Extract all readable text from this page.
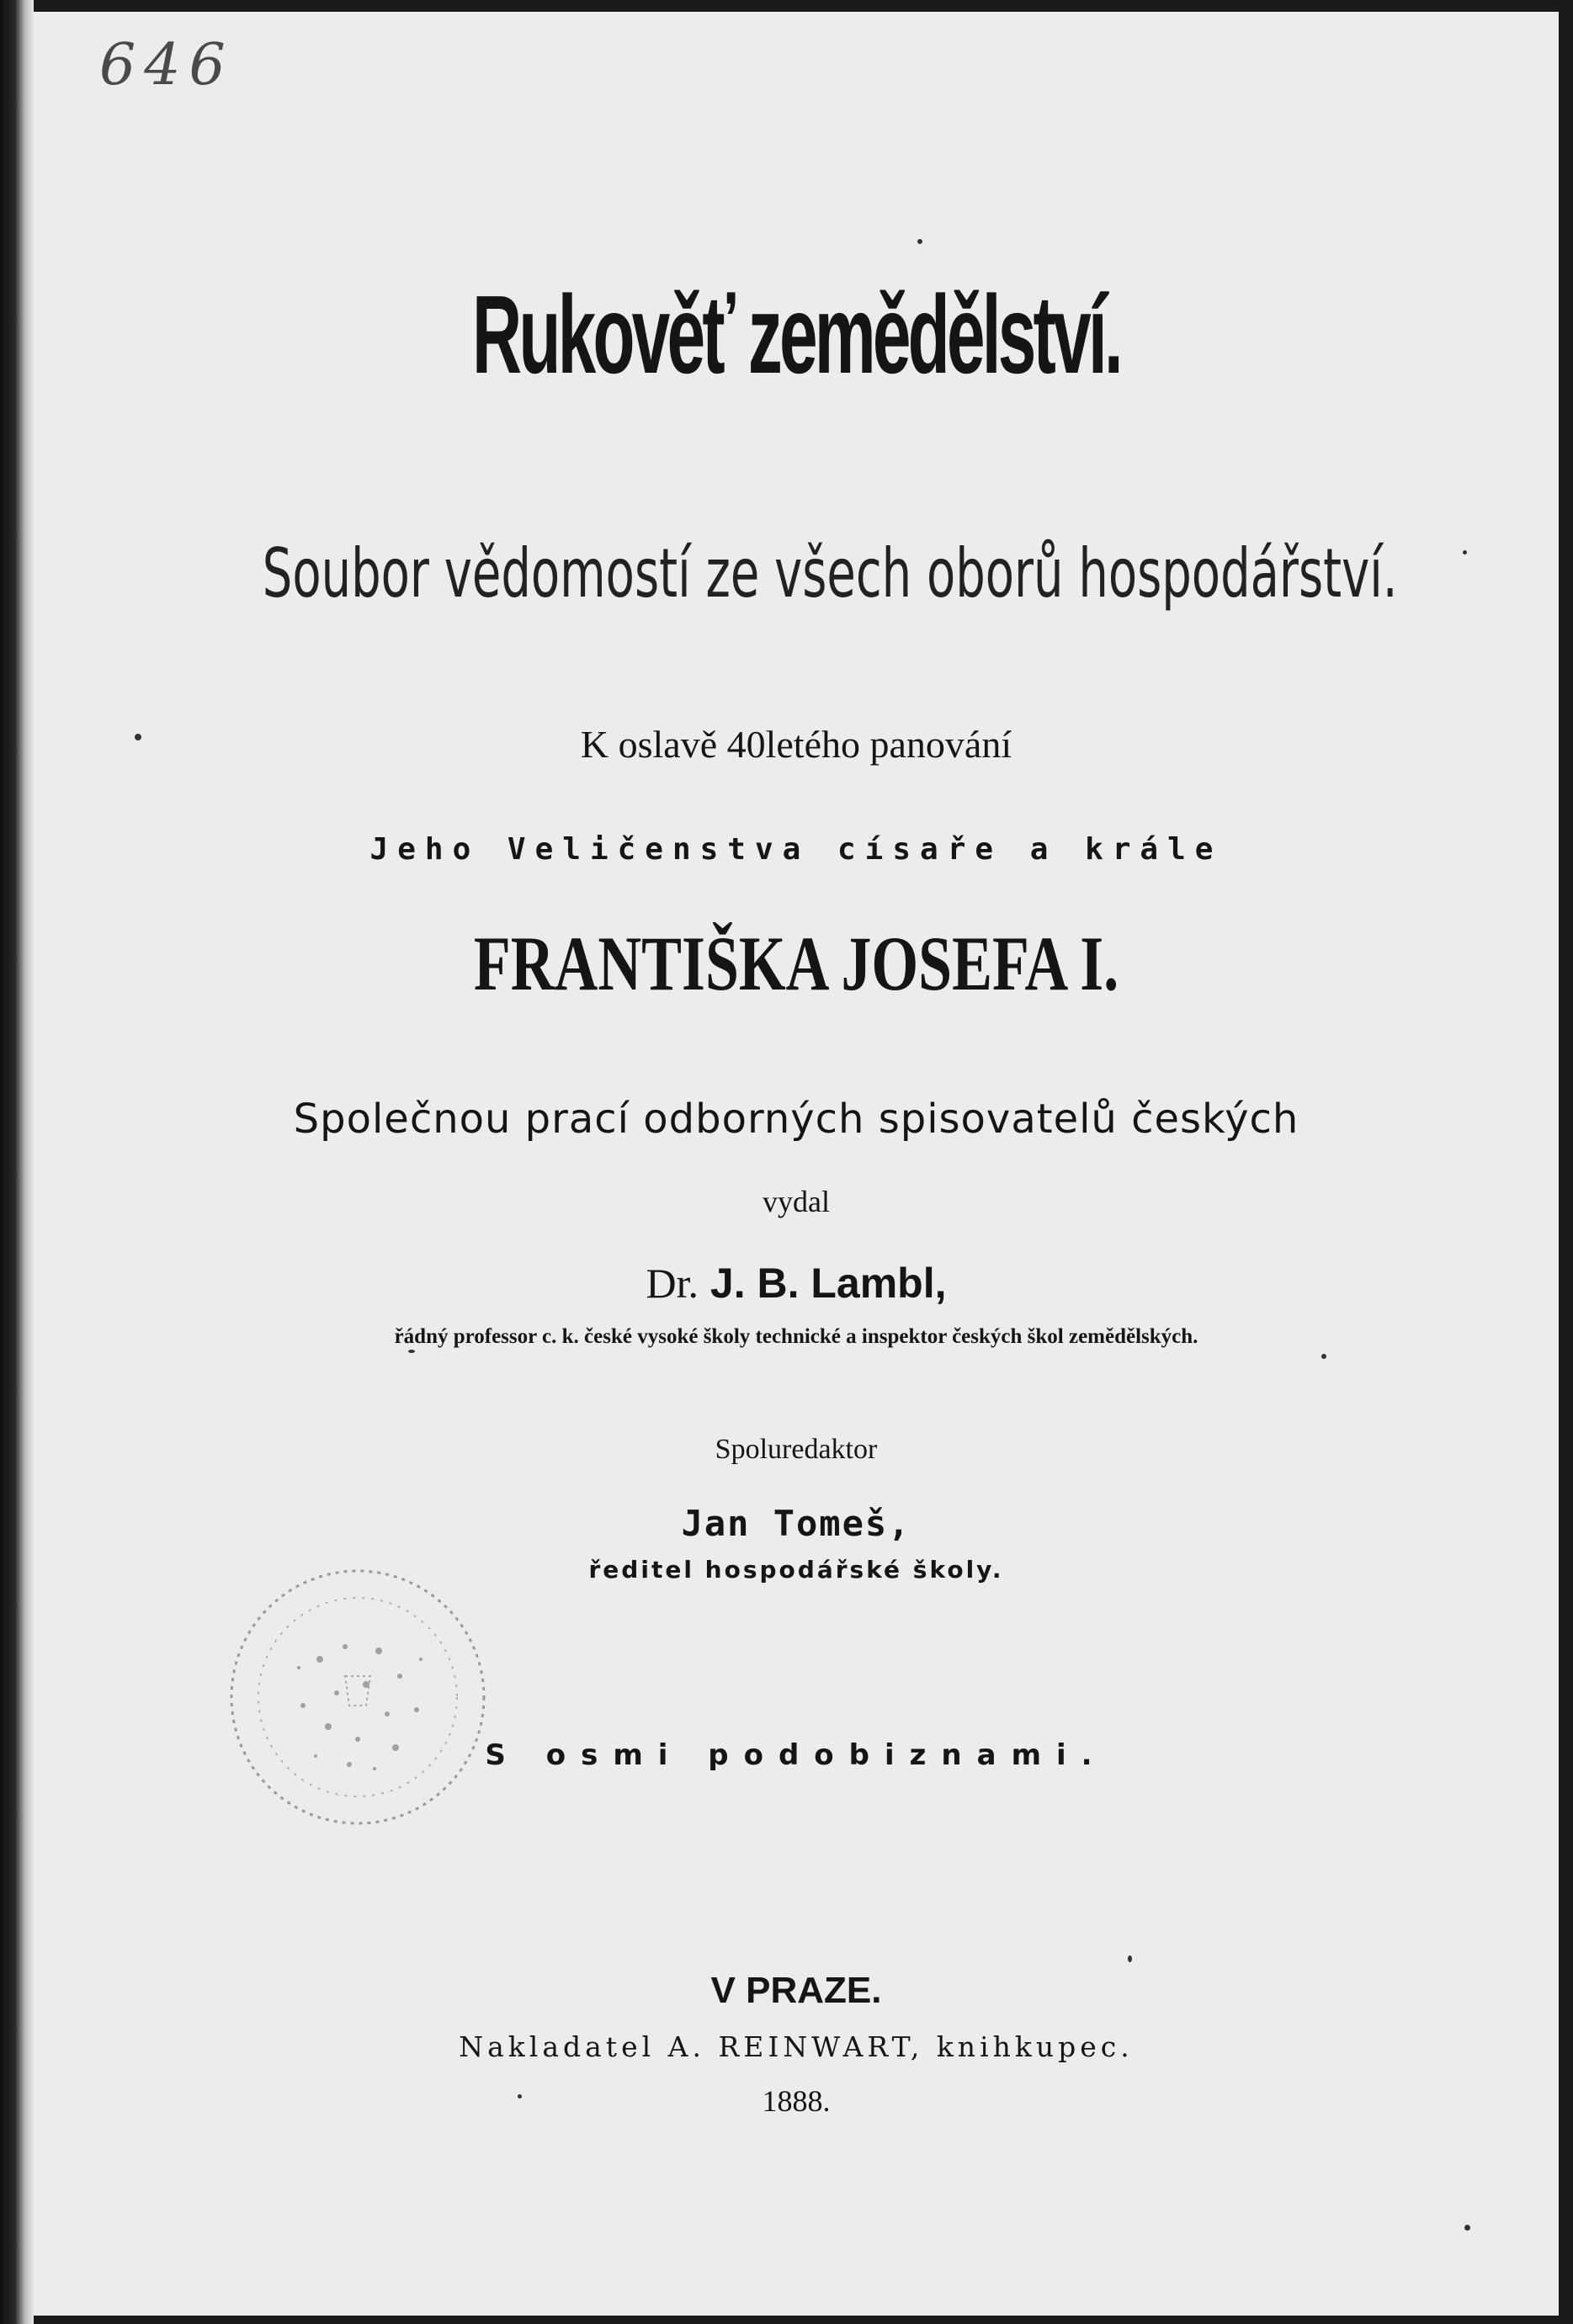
646
Rukověť zemědělství.
Soubor vědomostí ze všech oborů hospodářství.
K oslavě 40letého panování
Jeho Veličenstva císaře a krále
FRANTIŠKA JOSEFA I.
Společnou prací odborných spisovatelů českých
vydal
Dr. J. B. Lambl,
řádný professor c. k. české vysoké školy technické a inspektor českých škol zemědělských.
Spoluredaktor
Jan Tomeš,
ředitel hospodářské školy.
S osmi podobiznami.
V PRAZE.
Nakladatel A. REINWART, knihkupec.
1888.
